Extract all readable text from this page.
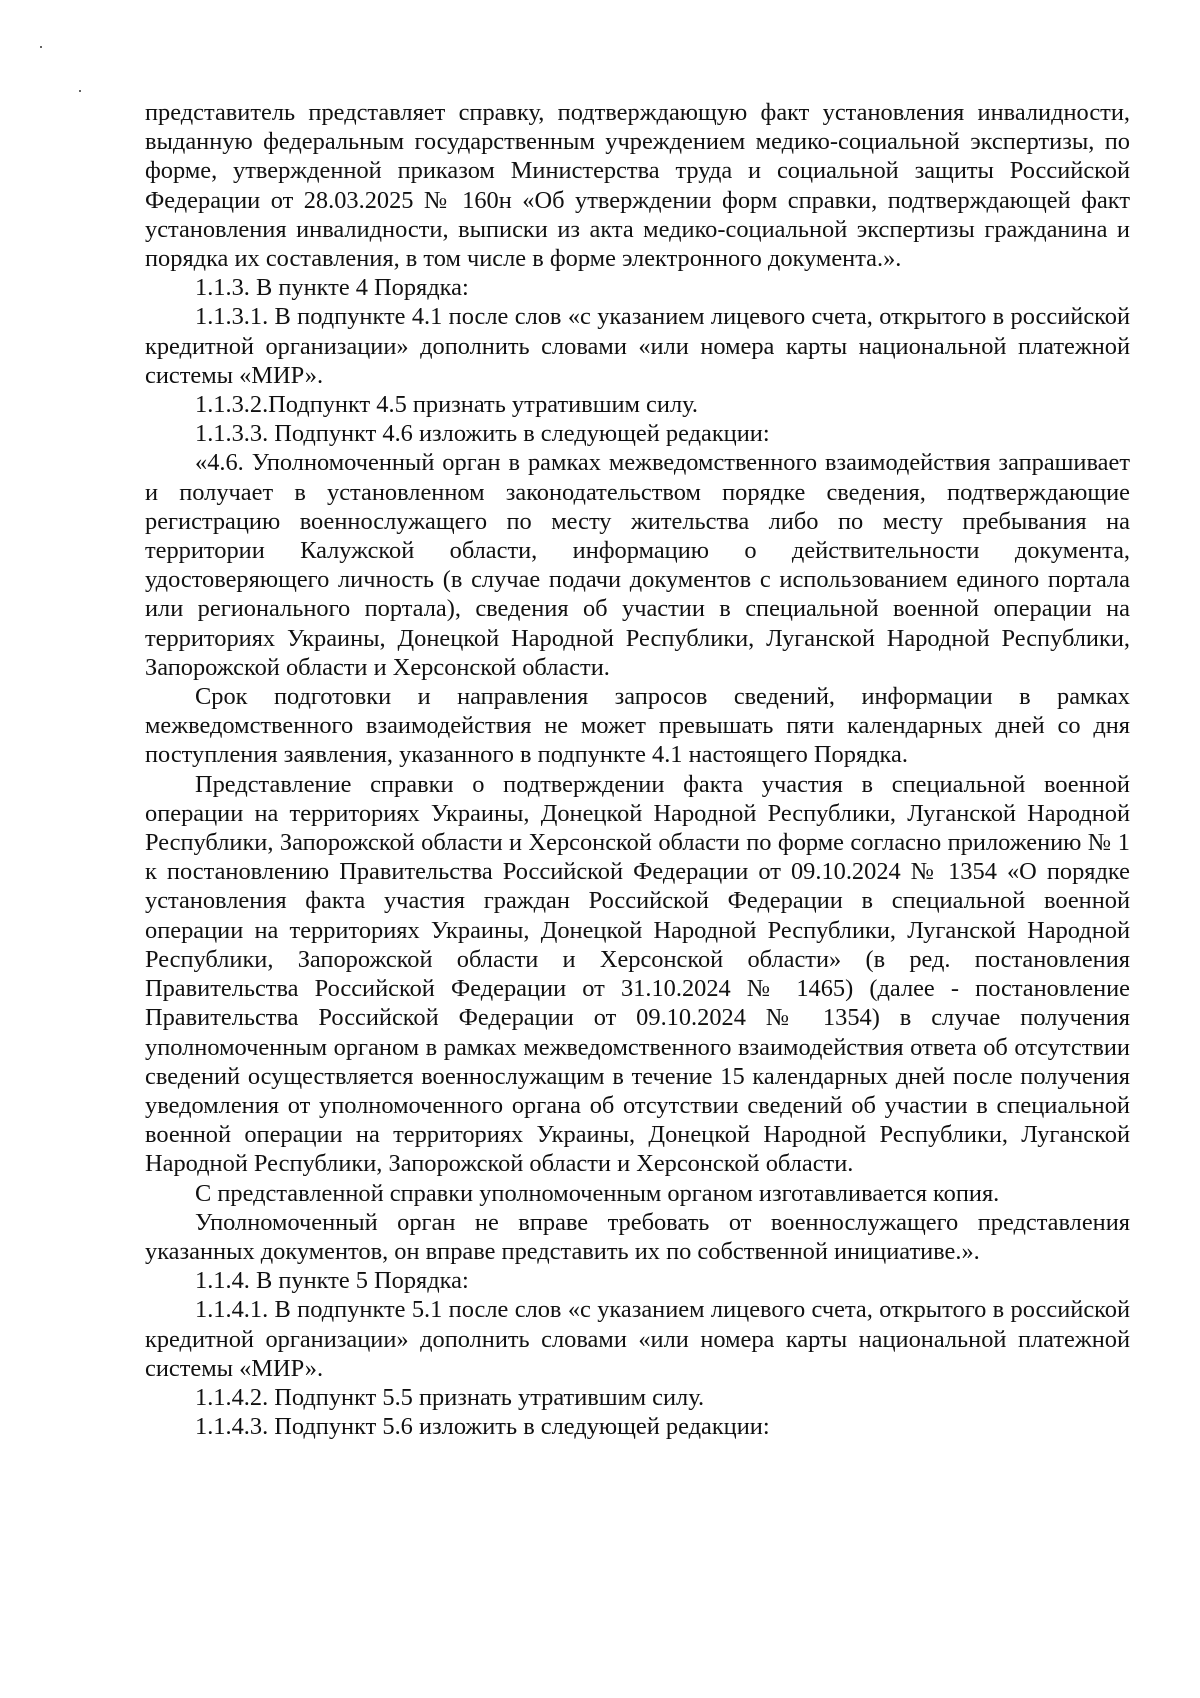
представитель представляет справку, подтверждающую факт установления инвалидности, выданную федеральным государственным учреждением медико-социальной экспертизы, по форме, утвержденной приказом Министерства труда и социальной защиты Российской Федерации от 28.03.2025 № 160н «Об утверждении форм справки, подтверждающей факт установления инвалидности, выписки из акта медико-социальной экспертизы гражданина и порядка их составления, в том числе в форме электронного документа.».

1.1.3. В пункте 4 Порядка:

1.1.3.1. В подпункте 4.1 после слов «с указанием лицевого счета, открытого в российской кредитной организации» дополнить словами «или номера карты национальной платежной системы «МИР».

1.1.3.2.Подпункт 4.5 признать утратившим силу.

1.1.3.3. Подпункт 4.6 изложить в следующей редакции:

«4.6. Уполномоченный орган в рамках межведомственного взаимодействия запрашивает и получает в установленном законодательством порядке сведения, подтверждающие регистрацию военнослужащего по месту жительства либо по месту пребывания на территории Калужской области, информацию о действительности документа, удостоверяющего личность (в случае подачи документов с использованием единого портала или регионального портала), сведения об участии в специальной военной операции на территориях Украины, Донецкой Народной Республики, Луганской Народной Республики, Запорожской области и Херсонской области.

Срок подготовки и направления запросов сведений, информации в рамках межведомственного взаимодействия не может превышать пяти календарных дней со дня поступления заявления, указанного в подпункте 4.1 настоящего Порядка.

Представление справки о подтверждении факта участия в специальной военной операции на территориях Украины, Донецкой Народной Республики, Луганской Народной Республики, Запорожской области и Херсонской области по форме согласно приложению № 1 к постановлению Правительства Российской Федерации от 09.10.2024 № 1354 «О порядке установления факта участия граждан Российской Федерации в специальной военной операции на территориях Украины, Донецкой Народной Республики, Луганской Народной Республики, Запорожской области и Херсонской области» (в ред. постановления Правительства Российской Федерации от 31.10.2024 № 1465) (далее - постановление Правительства Российской Федерации от 09.10.2024 № 1354) в случае получения уполномоченным органом в рамках межведомственного взаимодействия ответа об отсутствии сведений осуществляется военнослужащим в течение 15 календарных дней после получения уведомления от уполномоченного органа об отсутствии сведений об участии в специальной военной операции на территориях Украины, Донецкой Народной Республики, Луганской Народной Республики, Запорожской области и Херсонской области.

С представленной справки уполномоченным органом изготавливается копия.

Уполномоченный орган не вправе требовать от военнослужащего представления указанных документов, он вправе представить их по собственной инициативе.».

1.1.4. В пункте 5 Порядка:

1.1.4.1. В подпункте 5.1 после слов «с указанием лицевого счета, открытого в российской кредитной организации» дополнить словами «или номера карты национальной платежной системы «МИР».

1.1.4.2. Подпункт 5.5 признать утратившим силу.

1.1.4.3. Подпункт 5.6 изложить в следующей редакции:
